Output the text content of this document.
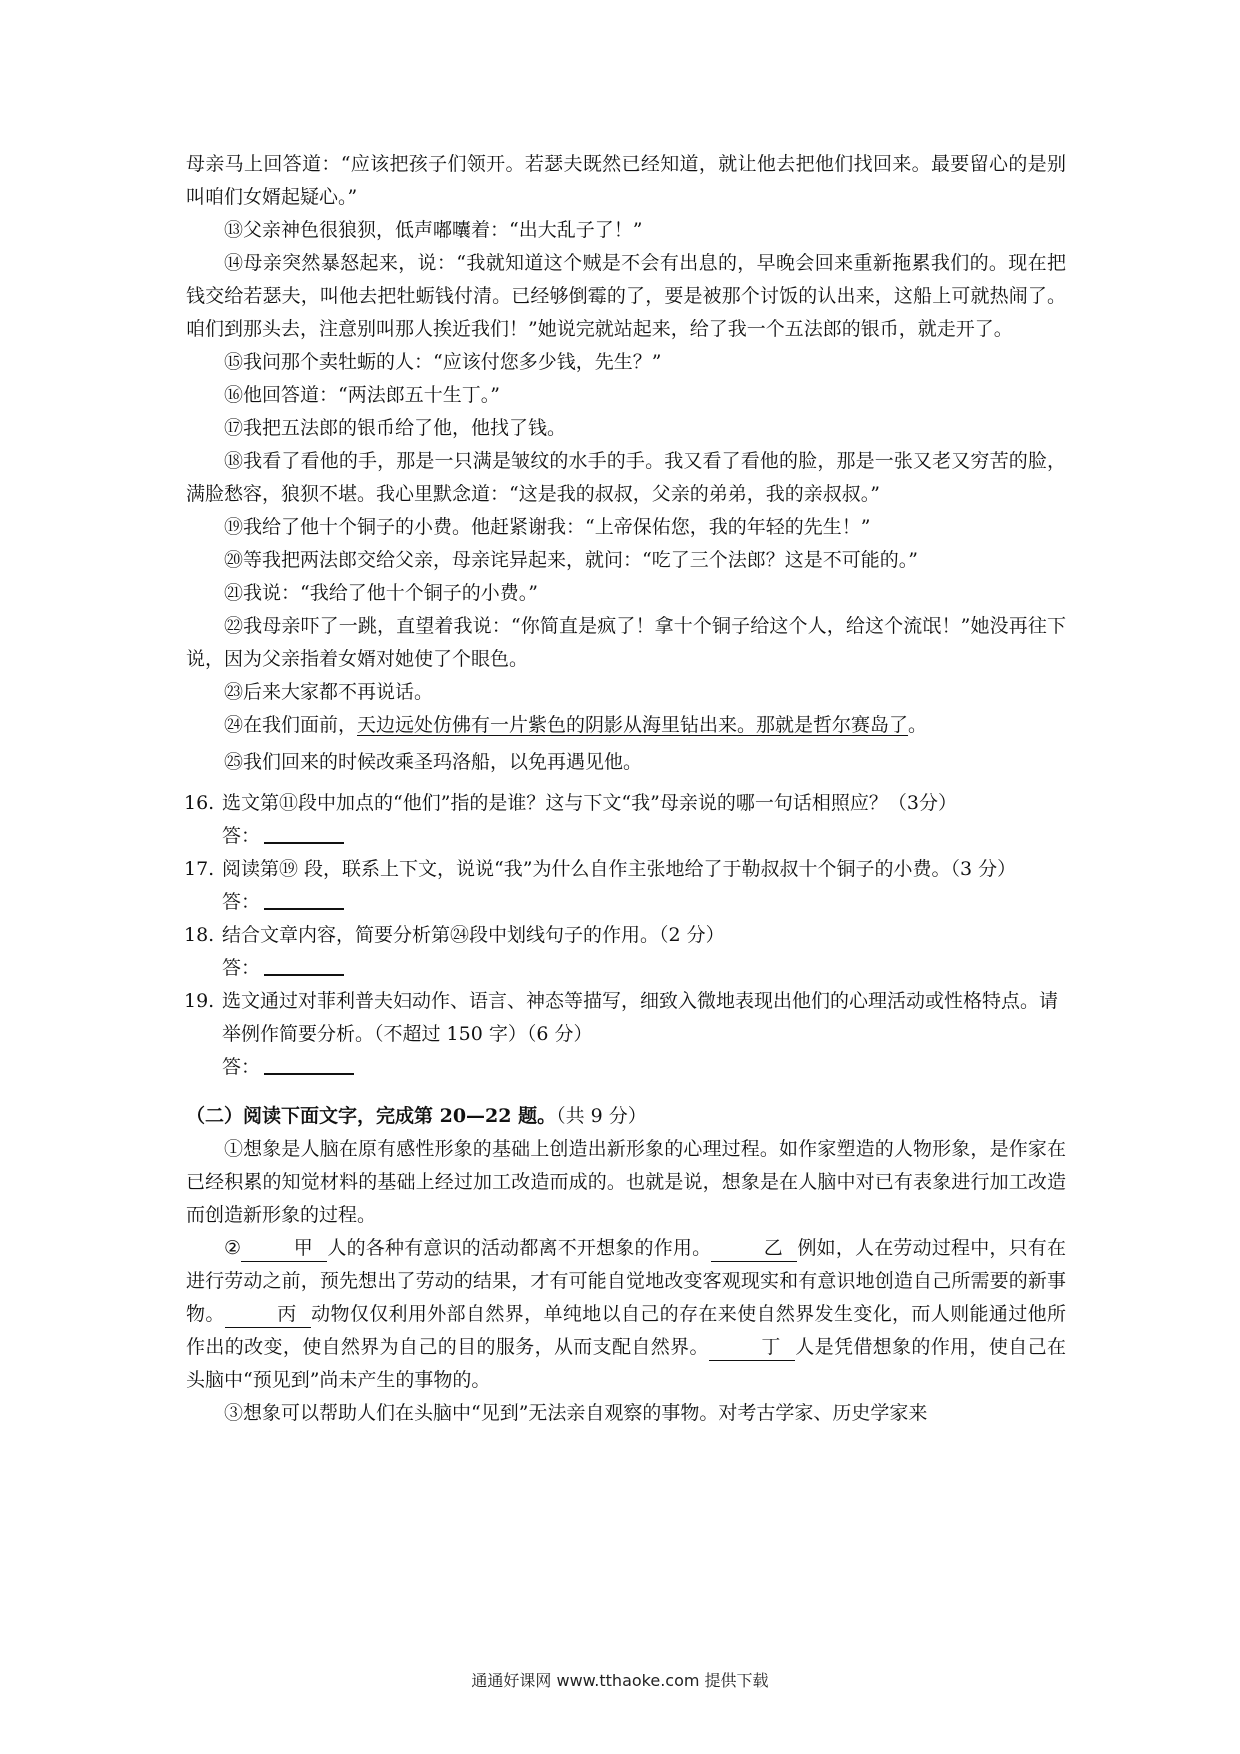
母亲马上回答道：“应该把孩子们领开。若瑟夫既然已经知道，就让他去把他们找回来。最要留心的是别叫咱们女婿起疑心。”

⑬父亲神色很狼狈，低声嘟囔着：“出大乱子了！”

⑭母亲突然暴怒起来，说：“我就知道这个贼是不会有出息的，早晚会回来重新拖累我们的。现在把钱交给若瑟夫，叫他去把牡蛎钱付清。已经够倒霉的了，要是被那个讨饭的认出来，这船上可就热闹了。咱们到那头去，注意别叫那人挨近我们！”她说完就站起来，给了我一个五法郎的银币，就走开了。

⑮我问那个卖牡蛎的人：“应该付您多少钱，先生？”

⑯他回答道：“两法郎五十生丁。”

⑰我把五法郎的银币给了他，他找了钱。

⑱我看了看他的手，那是一只满是皱纹的水手的手。我又看了看他的脸，那是一张又老又穷苦的脸，满脸愁容，狼狈不堪。我心里默念道：“这是我的叔叔，父亲的弟弟，我的亲叔叔。”

⑲我给了他十个铜子的小费。他赶紧谢我：“上帝保佑您，我的年轻的先生！”

⑳等我把两法郎交给父亲，母亲诧异起来，就问：“吃了三个法郎？这是不可能的。”

㉑我说：“我给了他十个铜子的小费。”

㉒我母亲吓了一跳，直望着我说：“你简直是疯了！拿十个铜子给这个人，给这个流氓！”她没再往下说，因为父亲指着女婿对她使了个眼色。

㉓后来大家都不再说话。

㉔在我们面前，天边远处仿佛有一片紫色的阴影从海里钻出来。那就是哲尔赛岛了。

㉕我们回来的时候改乘圣玛洛船，以免再遇见他。

16. 选文第⑪段中加点的“他们”指的是谁？这与下文“我”母亲说的哪一句话相照应？（3分）

答：

17. 阅读第⑲ 段，联系上下文，说说“我”为什么自作主张地给了于勒叔叔十个铜子的小费。（3 分）

答：

18. 结合文章内容，简要分析第㉔段中划线句子的作用。（2 分）

答：

19. 选文通过对菲利普夫妇动作、语言、神态等描写，细致入微地表现出他们的心理活动或性格特点。请举例作简要分析。（不超过 150 字）（6 分）

答：

（二）阅读下面文字，完成第 20—22 题。（共 9 分）

①想象是人脑在原有感性形象的基础上创造出新形象的心理过程。如作家塑造的人物形象，是作家在已经积累的知觉材料的基础上经过加工改造而成的。也就是说，想象是在人脑中对已有表象进行加工改造而创造新形象的过程。

②	甲 人的各种有意识的活动都离不开想象的作用。	乙 例如，人在劳动过程中，只有在进行劳动之前，预先想出了劳动的结果，才有可能自觉地改变客观现实和有意识地创造自己所需要的新事物。	丙 动物仅仅利用外部自然界，单纯地以自己的存在来使自然界发生变化，而人则能通过他所作出的改变，使自然界为自己的目的服务，从而支配自然界。	丁 人是凭借想象的作用，使自己在头脑中“预见到”尚未产生的事物的。

③想象可以帮助人们在头脑中“见到”无法亲自观察的事物。对考古学家、历史学家来

通通好课网 www.tthaoke.com 提供下载
